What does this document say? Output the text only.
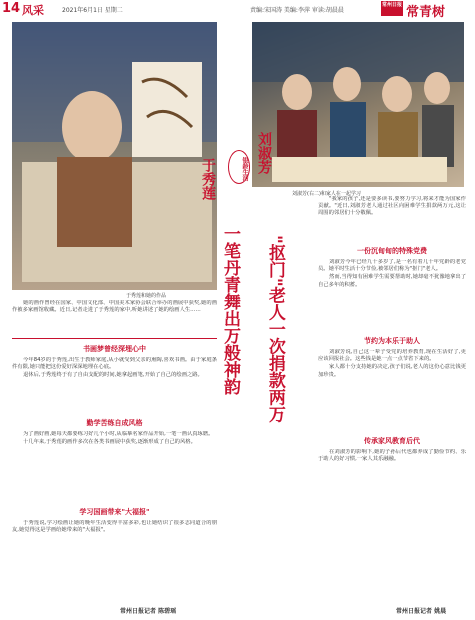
14 风采	2021年6月1日 星期二	责编:宋国涛 美编:李萍 审读:胡晨晨
常州日报 常青树
于秀莲和她的作品
刘淑芳(右二)和家人在一起学习
银龄生活
于秀莲
一笔丹青舞出万般神韵
刘淑芳
"抠门"老人一次捐款两万

她的画作曾经在国家、中国文化部、中国美术家协会联合举办的画展中获奖,她的画作被多家画馆收藏。近日,记者走进了于秀莲的家中,听她讲述了她的绘画人生……

书画梦曾经深埋心中

今年84岁的于秀莲,出生于教师家庭,从小就受到父亲的熏陶,喜欢书画。由于家庭条件有限,她只能把这份爱好深深地埋在心底。

退休后,于秀莲终于有了自由支配的时间,她拿起画笔,开始了自己的绘画之路。

勤学苦练自成风格

为了画好画,她每天都要练习好几个小时,从临摹名家作品开始,一笔一画认真琢磨。

十几年来,于秀莲的画作多次在各类书画展中获奖,逐渐形成了自己的风格。

学习国画带来"大福报"

于秀莲说,学习绘画让她的晚年生活变得丰富多彩,也让她结识了很多志同道合的朋友,她觉得这是学画给她带来的"大福报"。

常州日报记者 陈碧瑶

"我家的孩子,还是要多读书,要努力学习,将来才能为国家作贡献。"近日,刘淑芳老人通过社区向困难学生捐款两万元,这让周围的邻居们十分敬佩。

一份沉甸甸的特殊党费

刘淑芳今年已经九十多岁了,是一名有着几十年党龄的老党员。她平时生活十分节俭,被邻居们称为"抠门"老人。

然而,当得知有困难学生需要帮助时,她却毫不犹豫地拿出了自己多年的积蓄。

节约为本乐于助人

刘淑芳说,自己这一辈子受党的培养教育,现在生活好了,更应该回报社会。这些钱是她一点一点节省下来的。

家人都十分支持她的决定,孩子们说,老人的这份心意比钱更加珍贵。

传承家风教育后代

在刘淑芳的影响下,她的子孙后代也都养成了勤俭节约、乐于助人的好习惯,一家人其乐融融。

常州日报记者 姚晨
